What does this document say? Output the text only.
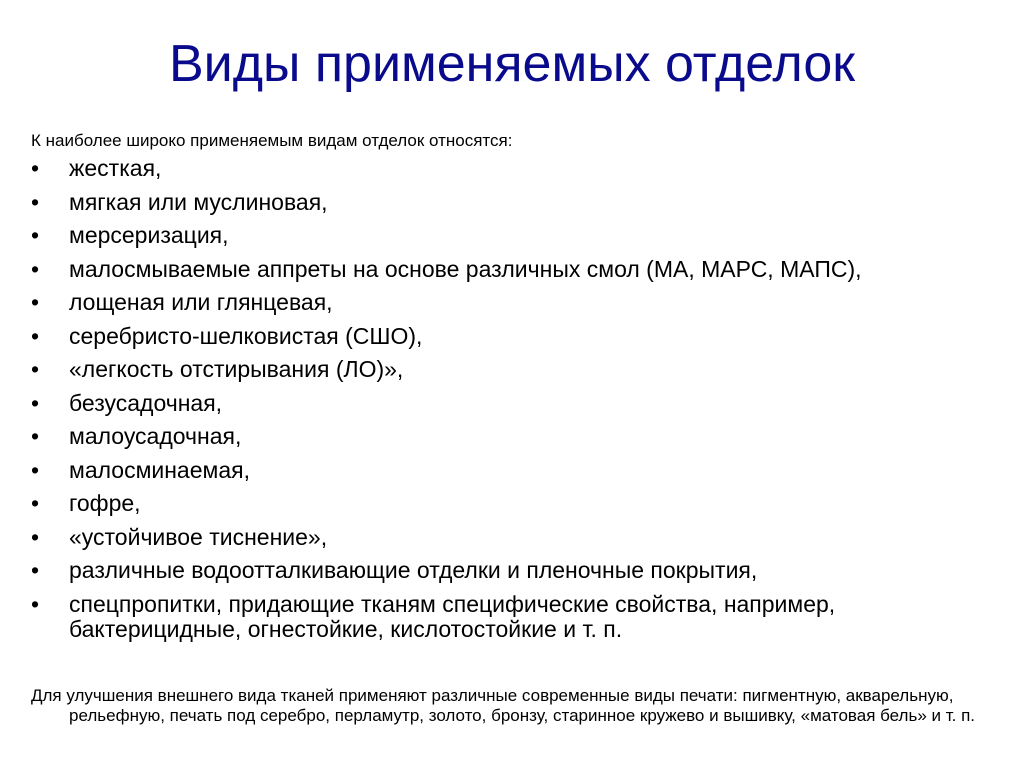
Виды применяемых отделок
К наиболее широко применяемым видам отделок относятся:
•	жесткая,
•	мягкая или муслиновая,
•	мерсеризация,
•	малосмываемые аппреты на основе различных смол (МА, МАРС, МАПС),
•	лощеная или глянцевая,
•	серебристо-шелковистая (СШО),
•	«легкость отстирывания (ЛО)»,
•	безусадочная,
•	малоусадочная,
•	малосминаемая,
•	гофре,
•	«устойчивое тиснение»,
•	различные водоотталкивающие отделки и пленочные покрытия,
•	спецпропитки, придающие тканям специфические свойства, например, бактерицидные, огнестойкие, кислотостойкие и т. п.
Для улучшения внешнего вида тканей применяют различные современные виды печати: пигментную, акварельную, рельефную, печать под серебро, перламутр, золото, бронзу, старинное кружево и вышивку, «матовая бель» и т. п.
